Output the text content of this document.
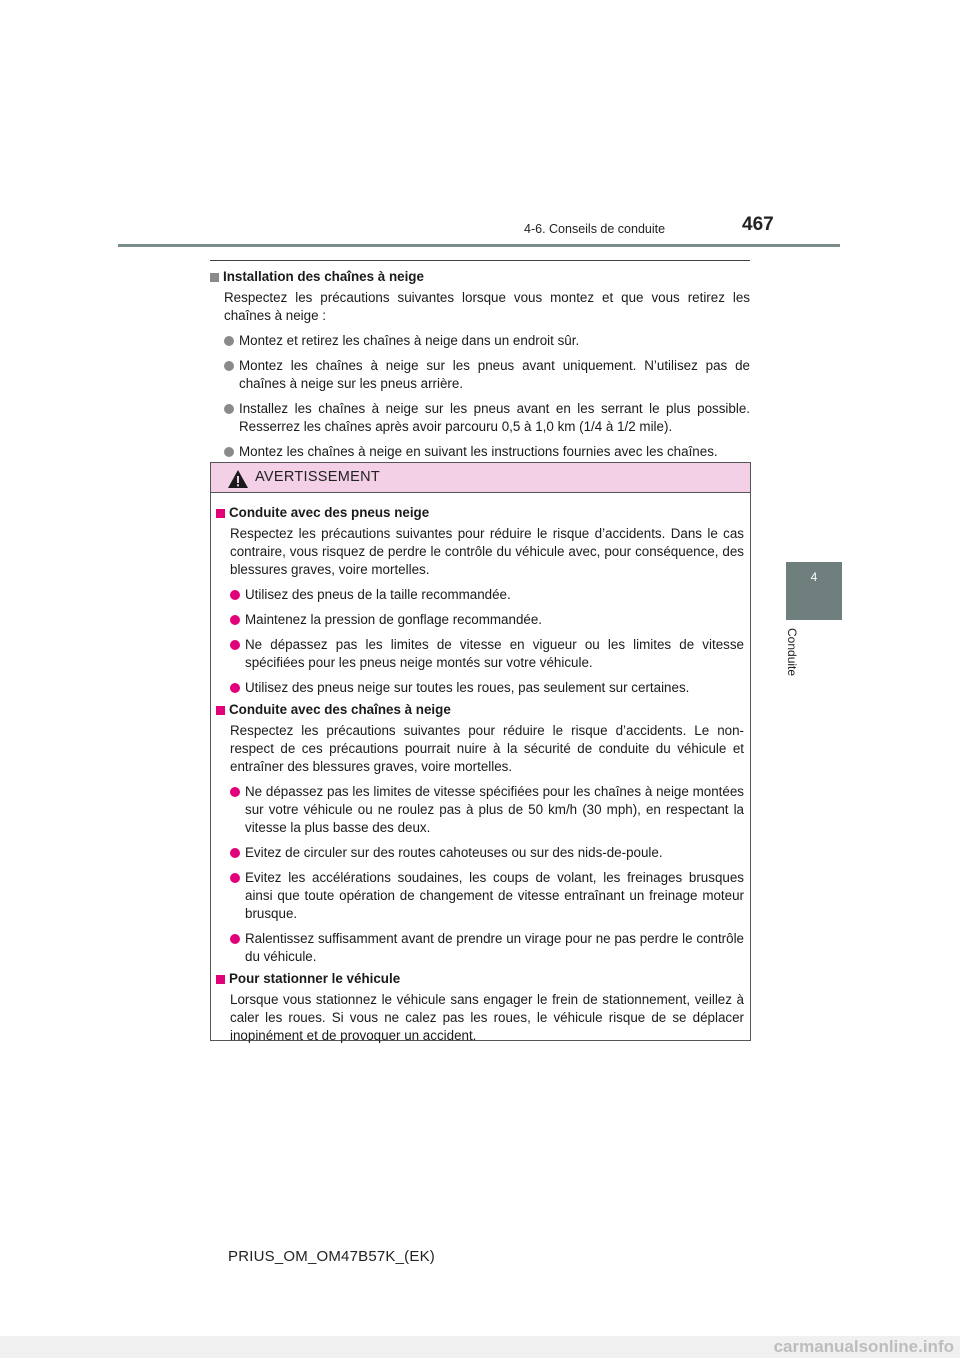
4-6. Conseils de conduite	467
4
Conduite
Installation des chaînes à neige
Respectez les précautions suivantes lorsque vous montez et que vous retirez les chaînes à neige :
Montez et retirez les chaînes à neige dans un endroit sûr.
Montez les chaînes à neige sur les pneus avant uniquement. N’utilisez pas de chaînes à neige sur les pneus arrière.
Installez les chaînes à neige sur les pneus avant en les serrant le plus possible. Resserrez les chaînes après avoir parcouru 0,5 à 1,0 km (1/4 à 1/2 mile).
Montez les chaînes à neige en suivant les instructions fournies avec les chaînes.
AVERTISSEMENT
Conduite avec des pneus neige
Respectez les précautions suivantes pour réduire le risque d’accidents. Dans le cas contraire, vous risquez de perdre le contrôle du véhicule avec, pour conséquence, des blessures graves, voire mortelles.
Utilisez des pneus de la taille recommandée.
Maintenez la pression de gonflage recommandée.
Ne dépassez pas les limites de vitesse en vigueur ou les limites de vitesse spécifiées pour les pneus neige montés sur votre véhicule.
Utilisez des pneus neige sur toutes les roues, pas seulement sur certaines.
Conduite avec des chaînes à neige
Respectez les précautions suivantes pour réduire le risque d’accidents. Le non-respect de ces précautions pourrait nuire à la sécurité de conduite du véhicule et entraîner des blessures graves, voire mortelles.
Ne dépassez pas les limites de vitesse spécifiées pour les chaînes à neige montées sur votre véhicule ou ne roulez pas à plus de 50 km/h (30 mph), en respectant la vitesse la plus basse des deux.
Evitez de circuler sur des routes cahoteuses ou sur des nids-de-poule.
Evitez les accélérations soudaines, les coups de volant, les freinages brusques ainsi que toute opération de changement de vitesse entraînant un freinage moteur brusque.
Ralentissez suffisamment avant de prendre un virage pour ne pas perdre le contrôle du véhicule.
Pour stationner le véhicule
Lorsque vous stationnez le véhicule sans engager le frein de stationnement, veillez à caler les roues. Si vous ne calez pas les roues, le véhicule risque de se déplacer inopinément et de provoquer un accident.
PRIUS_OM_OM47B57K_(EK)
carmanualsonline.info
